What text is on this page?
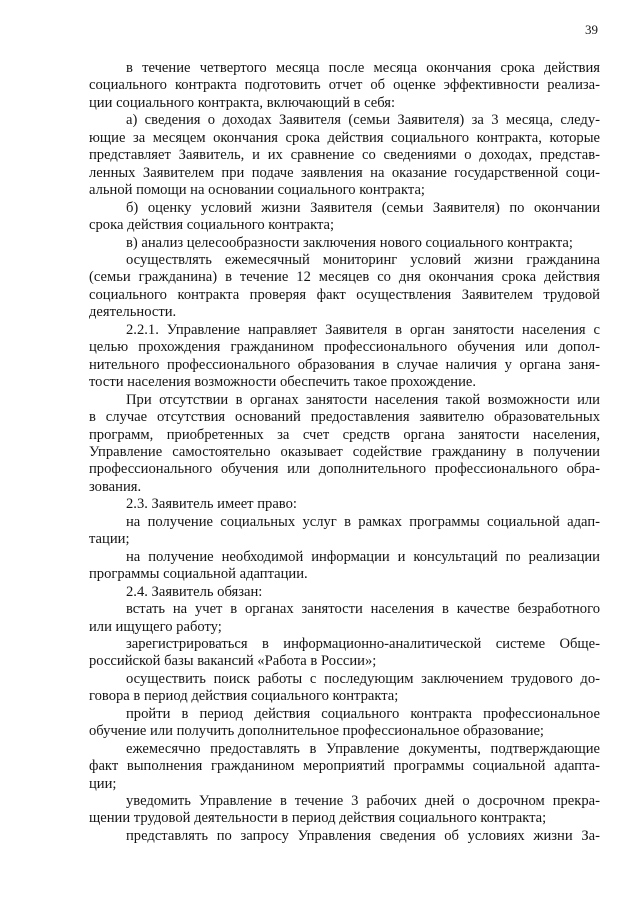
39

в течение четвертого месяца после месяца окончания срока действия
социального контракта подготовить отчет об оценке эффективности реализа-
ции социального контракта, включающий в себя:

а) сведения о доходах Заявителя (семьи Заявителя) за 3 месяца, следу-
ющие за месяцем окончания срока действия социального контракта, которые
представляет Заявитель, и их сравнение со сведениями о доходах, представ-
ленных Заявителем при подаче заявления на оказание государственной соци-
альной помощи на основании социального контракта;

б) оценку условий жизни Заявителя (семьи Заявителя) по окончании
срока действия социального контракта;

в) анализ целесообразности заключения нового социального контракта;

осуществлять ежемесячный мониторинг условий жизни гражданина
(семьи гражданина) в течение 12 месяцев со дня окончания срока действия
социального контракта проверяя факт осуществления Заявителем трудовой
деятельности.

2.2.1. Управление направляет Заявителя в орган занятости населения с
целью прохождения гражданином профессионального обучения или допол-
нительного профессионального образования в случае наличия у органа заня-
тости населения возможности обеспечить такое прохождение.

При отсутствии в органах занятости населения такой возможности или
в случае отсутствия оснований предоставления заявителю образовательных
программ, приобретенных за счет средств органа занятости населения,
Управление самостоятельно оказывает содействие гражданину в получении
профессионального обучения или дополнительного профессионального обра-
зования.

2.3. Заявитель имеет право:

на получение социальных услуг в рамках программы социальной адап-
тации;

на получение необходимой информации и консультаций по реализации
программы социальной адаптации.

2.4. Заявитель обязан:

встать на учет в органах занятости населения в качестве безработного
или ищущего работу;

зарегистрироваться в информационно-аналитической системе Обще-
российской базы вакансий «Работа в России»;

осуществить поиск работы с последующим заключением трудового до-
говора в период действия социального контракта;

пройти в период действия социального контракта профессиональное
обучение или получить дополнительное профессиональное образование;

ежемесячно предоставлять в Управление документы, подтверждающие
факт выполнения гражданином мероприятий программы социальной адапта-
ции;

уведомить Управление в течение 3 рабочих дней о досрочном прекра-
щении трудовой деятельности в период действия социального контракта;

представлять по запросу Управления сведения об условиях жизни За-
